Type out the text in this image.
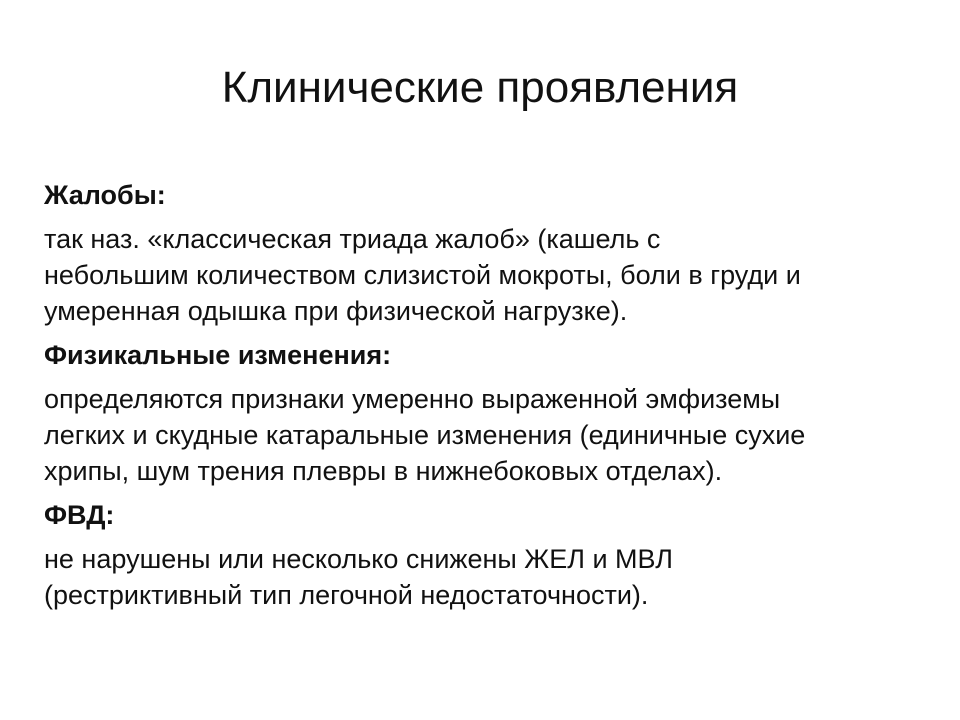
Клинические проявления

Жалобы:

так наз. «классическая триада жалоб» (кашель с

небольшим количеством слизистой мокроты, боли в груди и

умеренная одышка при физической нагрузке).

Физикальные изменения:

определяются признаки умеренно выраженной эмфиземы

легких и скудные катаральные изменения (единичные сухие

хрипы, шум трения плевры в нижнебоковых отделах).

ФВД:

не нарушены или несколько снижены ЖЕЛ и МВЛ

(рестриктивный тип легочной недостаточности).
